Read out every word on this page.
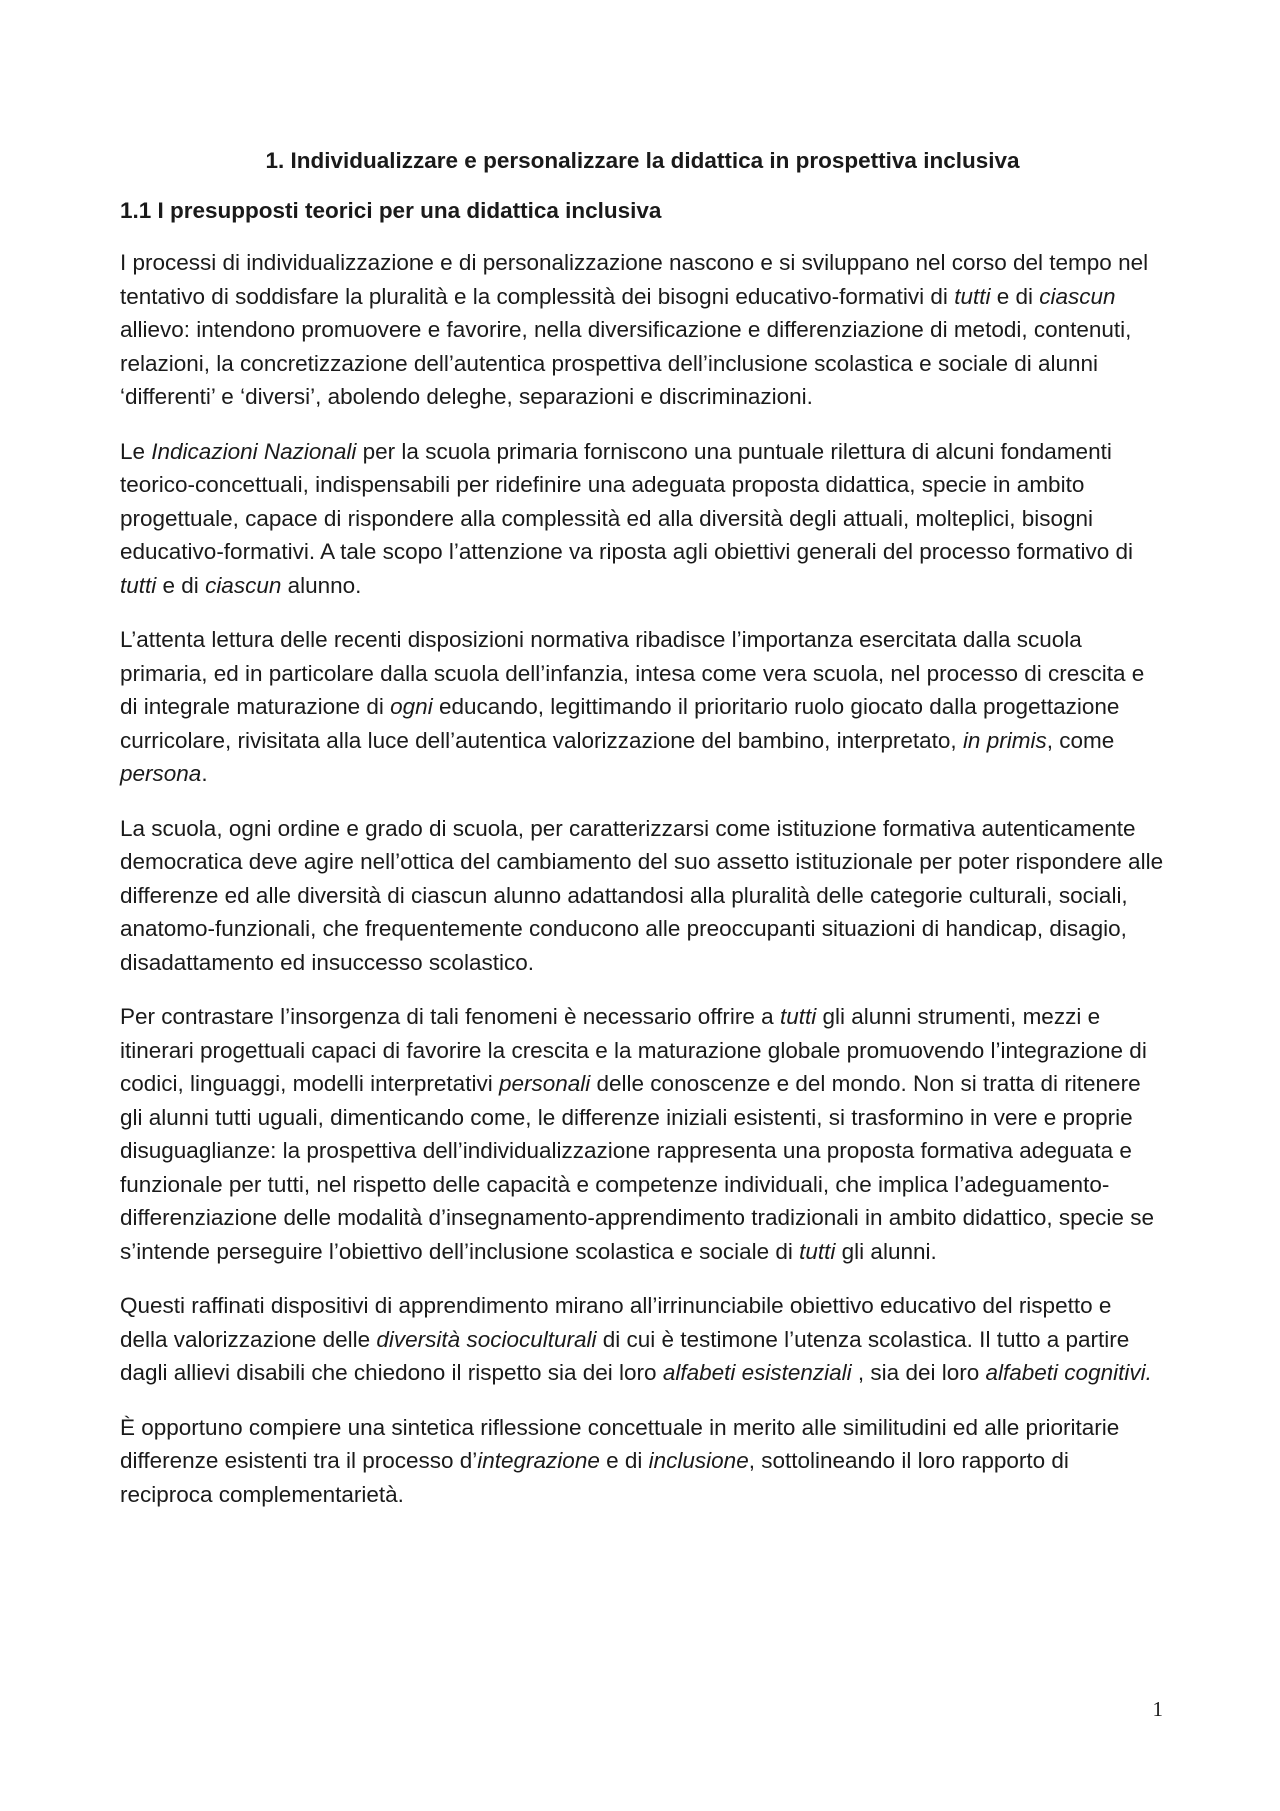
1. Individualizzare e personalizzare la didattica in prospettiva inclusiva
1.1 I presupposti teorici per una didattica inclusiva

I processi di individualizzazione e di personalizzazione nascono e si sviluppano nel corso del tempo nel tentativo di soddisfare la pluralità e la complessità dei bisogni educativo-formativi di tutti e di ciascun allievo: intendono promuovere e favorire, nella diversificazione e differenziazione di metodi, contenuti, relazioni, la concretizzazione dell’autentica prospettiva dell’inclusione scolastica e sociale di alunni ‘differenti’ e ‘diversi’, abolendo deleghe, separazioni e discriminazioni.

Le Indicazioni Nazionali per la scuola primaria forniscono una puntuale rilettura di alcuni fondamenti teorico-concettuali, indispensabili per ridefinire una adeguata proposta didattica, specie in ambito progettuale, capace di rispondere alla complessità ed alla diversità degli attuali, molteplici, bisogni educativo-formativi. A tale scopo l’attenzione va riposta agli obiettivi generali del processo formativo di tutti e di ciascun alunno.

L’attenta lettura delle recenti disposizioni normativa ribadisce l’importanza esercitata dalla scuola primaria, ed in particolare dalla scuola dell’infanzia, intesa come vera scuola, nel processo di crescita e di integrale maturazione di ogni educando, legittimando il prioritario ruolo giocato dalla progettazione curricolare, rivisitata alla luce dell’autentica valorizzazione del bambino, interpretato, in primis, come persona.

La scuola, ogni ordine e grado di scuola, per caratterizzarsi come istituzione formativa autenticamente democratica deve agire nell’ottica del cambiamento del suo assetto istituzionale per poter rispondere alle differenze ed alle diversità di ciascun alunno adattandosi alla pluralità delle categorie culturali, sociali, anatomo-funzionali, che frequentemente conducono alle preoccupanti situazioni di handicap, disagio, disadattamento ed insuccesso scolastico.

Per contrastare l’insorgenza di tali fenomeni è necessario offrire a tutti gli alunni strumenti, mezzi e itinerari progettuali capaci di favorire la crescita e la maturazione globale promuovendo l’integrazione di codici, linguaggi, modelli interpretativi personali delle conoscenze e del mondo. Non si tratta di ritenere gli alunni tutti uguali, dimenticando come, le differenze iniziali esistenti, si trasformino in vere e proprie disuguaglianze: la prospettiva dell’individualizzazione rappresenta una proposta formativa adeguata e funzionale per tutti, nel rispetto delle capacità e competenze individuali, che implica l’adeguamento-differenziazione delle modalità d’insegnamento-apprendimento tradizionali in ambito didattico, specie se s’intende perseguire l’obiettivo dell’inclusione scolastica e sociale di tutti gli alunni.

Questi raffinati dispositivi di apprendimento mirano all’irrinunciabile obiettivo educativo del rispetto e della valorizzazione delle diversità socioculturali di cui è testimone l’utenza scolastica. Il tutto a partire dagli allievi disabili che chiedono il rispetto sia dei loro alfabeti esistenziali , sia dei loro alfabeti cognitivi.

È opportuno compiere una sintetica riflessione concettuale in merito alle similitudini ed alle prioritarie differenze esistenti tra il processo d’integrazione e di inclusione, sottolineando il loro rapporto di reciproca complementarietà.

1
